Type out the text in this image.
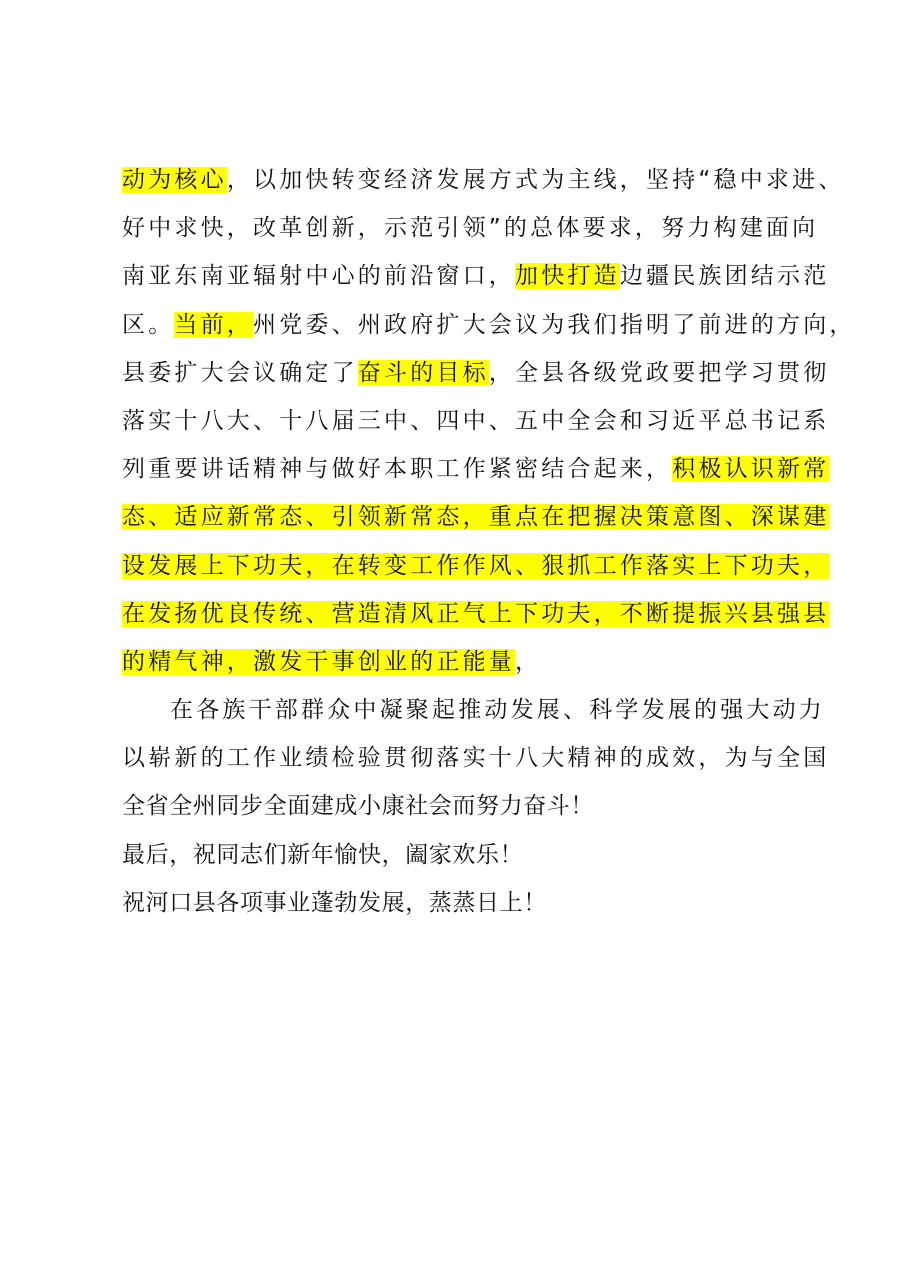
动为核心，以加快转变经济发展方式为主线，坚持“稳中求进、
好中求快，改革创新，示范引领”的总体要求，努力构建面向
南亚东南亚辐射中心的前沿窗口，加快打造边疆民族团结示范
区。当前，州党委、州政府扩大会议为我们指明了前进的方向，
县委扩大会议确定了奋斗的目标，全县各级党政要把学习贯彻
落实十八大、十八届三中、四中、五中全会和习近平总书记系
列重要讲话精神与做好本职工作紧密结合起来，积极认识新常
态、适应新常态、引领新常态，重点在把握决策意图、深谋建
设发展上下功夫，在转变工作作风、狠抓工作落实上下功夫，
在发扬优良传统、营造清风正气上下功夫，不断提振兴县强县
的精气神，激发干事创业的正能量，
在各族干部群众中凝聚起推动发展、科学发展的强大动力
以崭新的工作业绩检验贯彻落实十八大精神的成效，为与全国
全省全州同步全面建成小康社会而努力奋斗！
最后，祝同志们新年愉快，阖家欢乐！
祝河口县各项事业蓬勃发展，蒸蒸日上！
